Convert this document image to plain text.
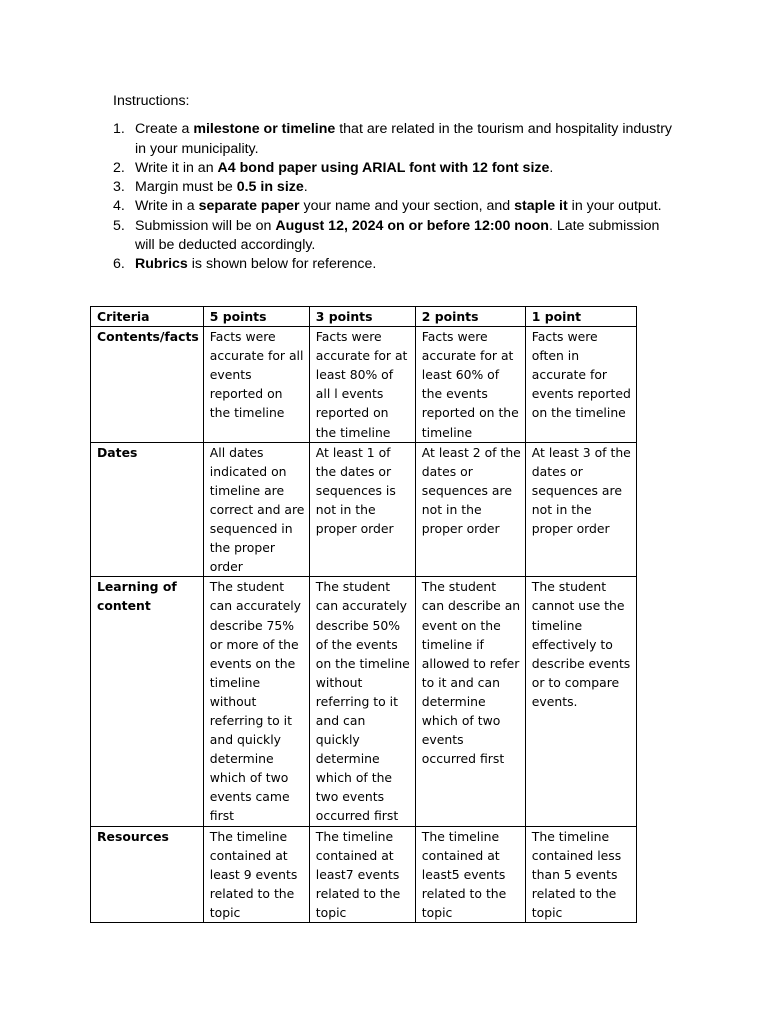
Instructions:
1. Create a milestone or timeline that are related in the tourism and hospitality industry in your municipality.
2. Write it in an A4 bond paper using ARIAL font with 12 font size.
3. Margin must be 0.5 in size.
4. Write in a separate paper your name and your section, and staple it in your output.
5. Submission will be on August 12, 2024 on or before 12:00 noon. Late submission will be deducted accordingly.
6. Rubrics is shown below for reference.
Criteria	5 points	3 points	2 points	1 point
Contents/facts	Facts were accurate for all events reported on the timeline	Facts were accurate for at least 80% of all l events reported on the timeline	Facts were accurate for at least 60% of the events reported on the timeline	Facts were often in accurate for events reported on the timeline
Dates	All dates indicated on timeline are correct and are sequenced in the proper order	At least 1 of the dates or sequences is not in the proper order	At least 2 of the dates or sequences are not in the proper order	At least 3 of the dates or sequences are not in the proper order
Learning of content	The student can accurately describe 75% or more of the events on the timeline without referring to it and quickly determine which of two events came first	The student can accurately describe 50% of the events on the timeline without referring to it and can quickly determine which of the two events occurred first	The student can describe an event on the timeline if allowed to refer to it and can determine which of two events occurred first	The student cannot use the timeline effectively to describe events or to compare events.
Resources	The timeline contained at least 9 events related to the topic	The timeline contained at least7 events related to the topic	The timeline contained at least5 events related to the topic	The timeline contained less than 5 events related to the topic
